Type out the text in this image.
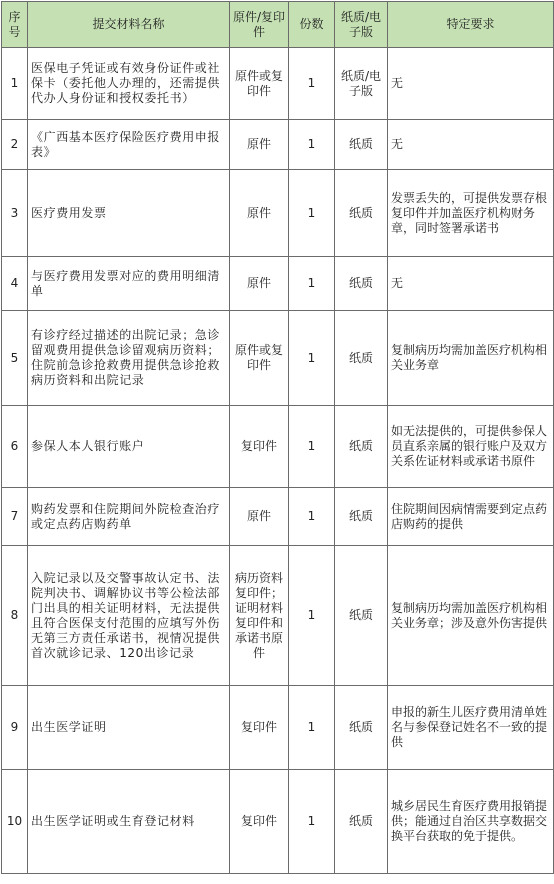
序号	提交材料名称	原件/复印件	份数	纸质/电子版	特定要求
1	医保电子凭证或有效身份证件或社保卡（委托他人办理的，还需提供代办人身份证和授权委托书）	原件或复印件	1	纸质/电子版	无
2	《广西基本医疗保险医疗费用申报表》	原件	1	纸质	无
3	医疗费用发票	原件	1	纸质	发票丢失的，可提供发票存根复印件并加盖医疗机构财务章，同时签署承诺书
4	与医疗费用发票对应的费用明细清单	原件	1	纸质	无
5	有诊疗经过描述的出院记录；急诊留观费用提供急诊留观病历资料；住院前急诊抢救费用提供急诊抢救病历资料和出院记录	原件或复印件	1	纸质	复制病历均需加盖医疗机构相关业务章
6	参保人本人银行账户	复印件	1	纸质	如无法提供的，可提供参保人员直系亲属的银行账户及双方关系佐证材料或承诺书原件
7	购药发票和住院期间外院检查治疗或定点药店购药单	原件	1	纸质	住院期间因病情需要到定点药店购药的提供
8	入院记录以及交警事故认定书、法院判决书、调解协议书等公检法部门出具的相关证明材料，无法提供且符合医保支付范围的应填写外伤无第三方责任承诺书，视情况提供首次就诊记录、120出诊记录	病历资料复印件；证明材料复印件和承诺书原件	1	纸质	复制病历均需加盖医疗机构相关业务章；涉及意外伤害提供
9	出生医学证明	复印件	1	纸质	申报的新生儿医疗费用清单姓名与参保登记姓名不一致的提供
10	出生医学证明或生育登记材料	复印件	1	纸质	城乡居民生育医疗费用报销提供；能通过自治区共享数据交换平台获取的免于提供。
